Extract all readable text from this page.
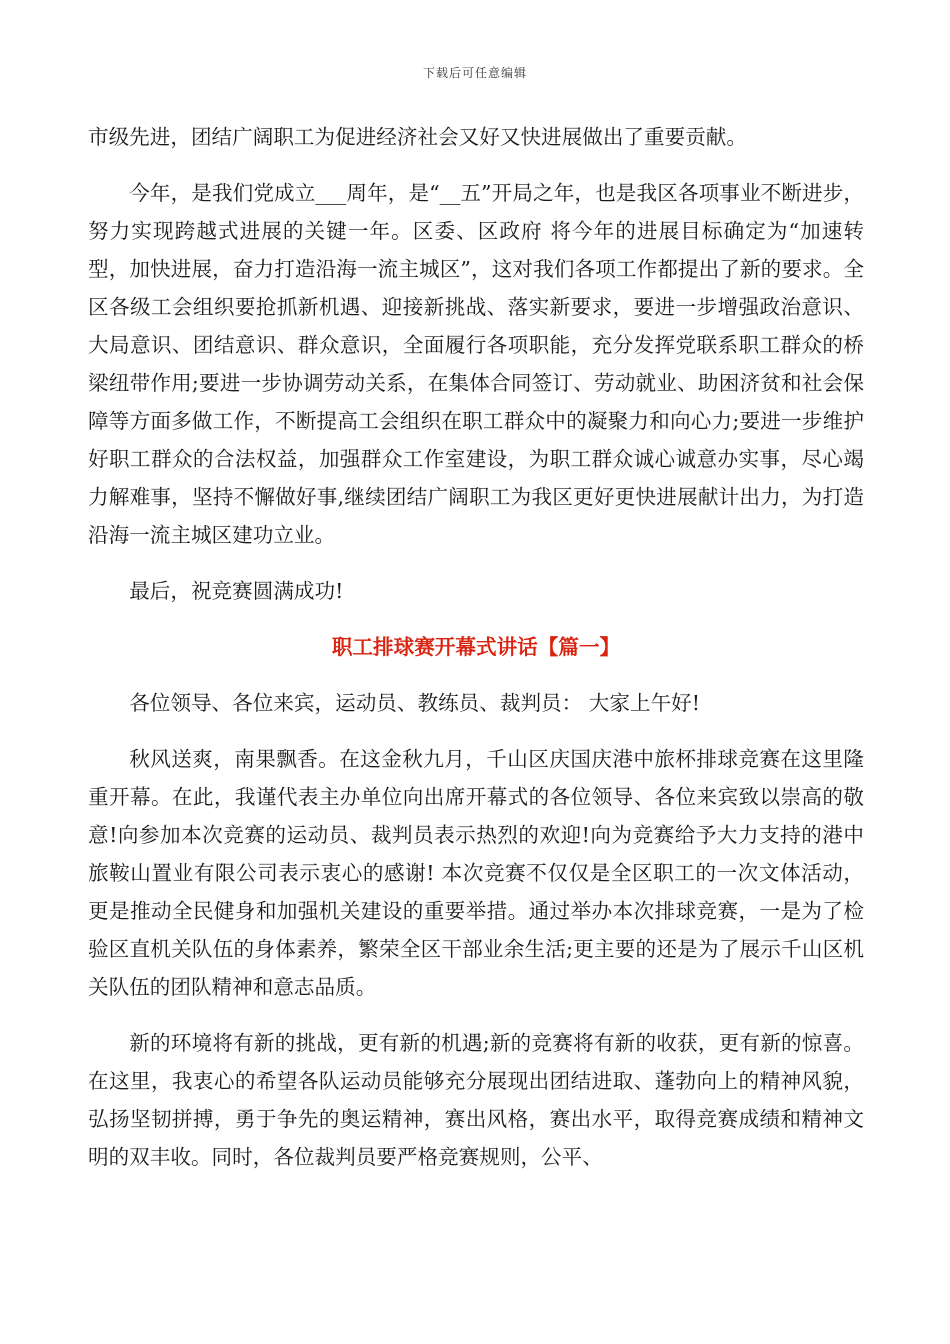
下载后可任意编辑

市级先进，团结广阔职工为促进经济社会又好又快进展做出了重要贡献。

今年，是我们党成立___周年，是“__五”开局之年，也是我区各项事业不断进步，努力实现跨越式进展的关键一年。区委、区政府 将今年的进展目标确定为“加速转型，加快进展，奋力打造沿海一流主城区”，这对我们各项工作都提出了新的要求。全区各级工会组织要抢抓新机遇、迎接新挑战、落实新要求，要进一步增强政治意识、大局意识、团结意识、群众意识，全面履行各项职能，充分发挥党联系职工群众的桥梁纽带作用;要进一步协调劳动关系，在集体合同签订、劳动就业、助困济贫和社会保障等方面多做工作，不断提高工会组织在职工群众中的凝聚力和向心力;要进一步维护好职工群众的合法权益，加强群众工作室建设，为职工群众诚心诚意办实事，尽心竭力解难事，坚持不懈做好事,继续团结广阔职工为我区更好更快进展献计出力，为打造沿海一流主城区建功立业。

最后，祝竞赛圆满成功!

职工排球赛开幕式讲话【篇一】

各位领导、各位来宾，运动员、教练员、裁判员： 大家上午好!

秋风送爽，南果飘香。在这金秋九月，千山区庆国庆港中旅杯排球竞赛在这里隆重开幕。在此，我谨代表主办单位向出席开幕式的各位领导、各位来宾致以崇高的敬意!向参加本次竞赛的运动员、裁判员表示热烈的欢迎!向为竞赛给予大力支持的港中旅鞍山置业有限公司表示衷心的感谢! 本次竞赛不仅仅是全区职工的一次文体活动，更是推动全民健身和加强机关建设的重要举措。通过举办本次排球竞赛，一是为了检验区直机关队伍的身体素养，繁荣全区干部业余生活;更主要的还是为了展示千山区机关队伍的团队精神和意志品质。

新的环境将有新的挑战，更有新的机遇;新的竞赛将有新的收获，更有新的惊喜。在这里，我衷心的希望各队运动员能够充分展现出团结进取、蓬勃向上的精神风貌，弘扬坚韧拼搏，勇于争先的奥运精神，赛出风格，赛出水平，取得竞赛成绩和精神文明的双丰收。同时，各位裁判员要严格竞赛规则，公平、
